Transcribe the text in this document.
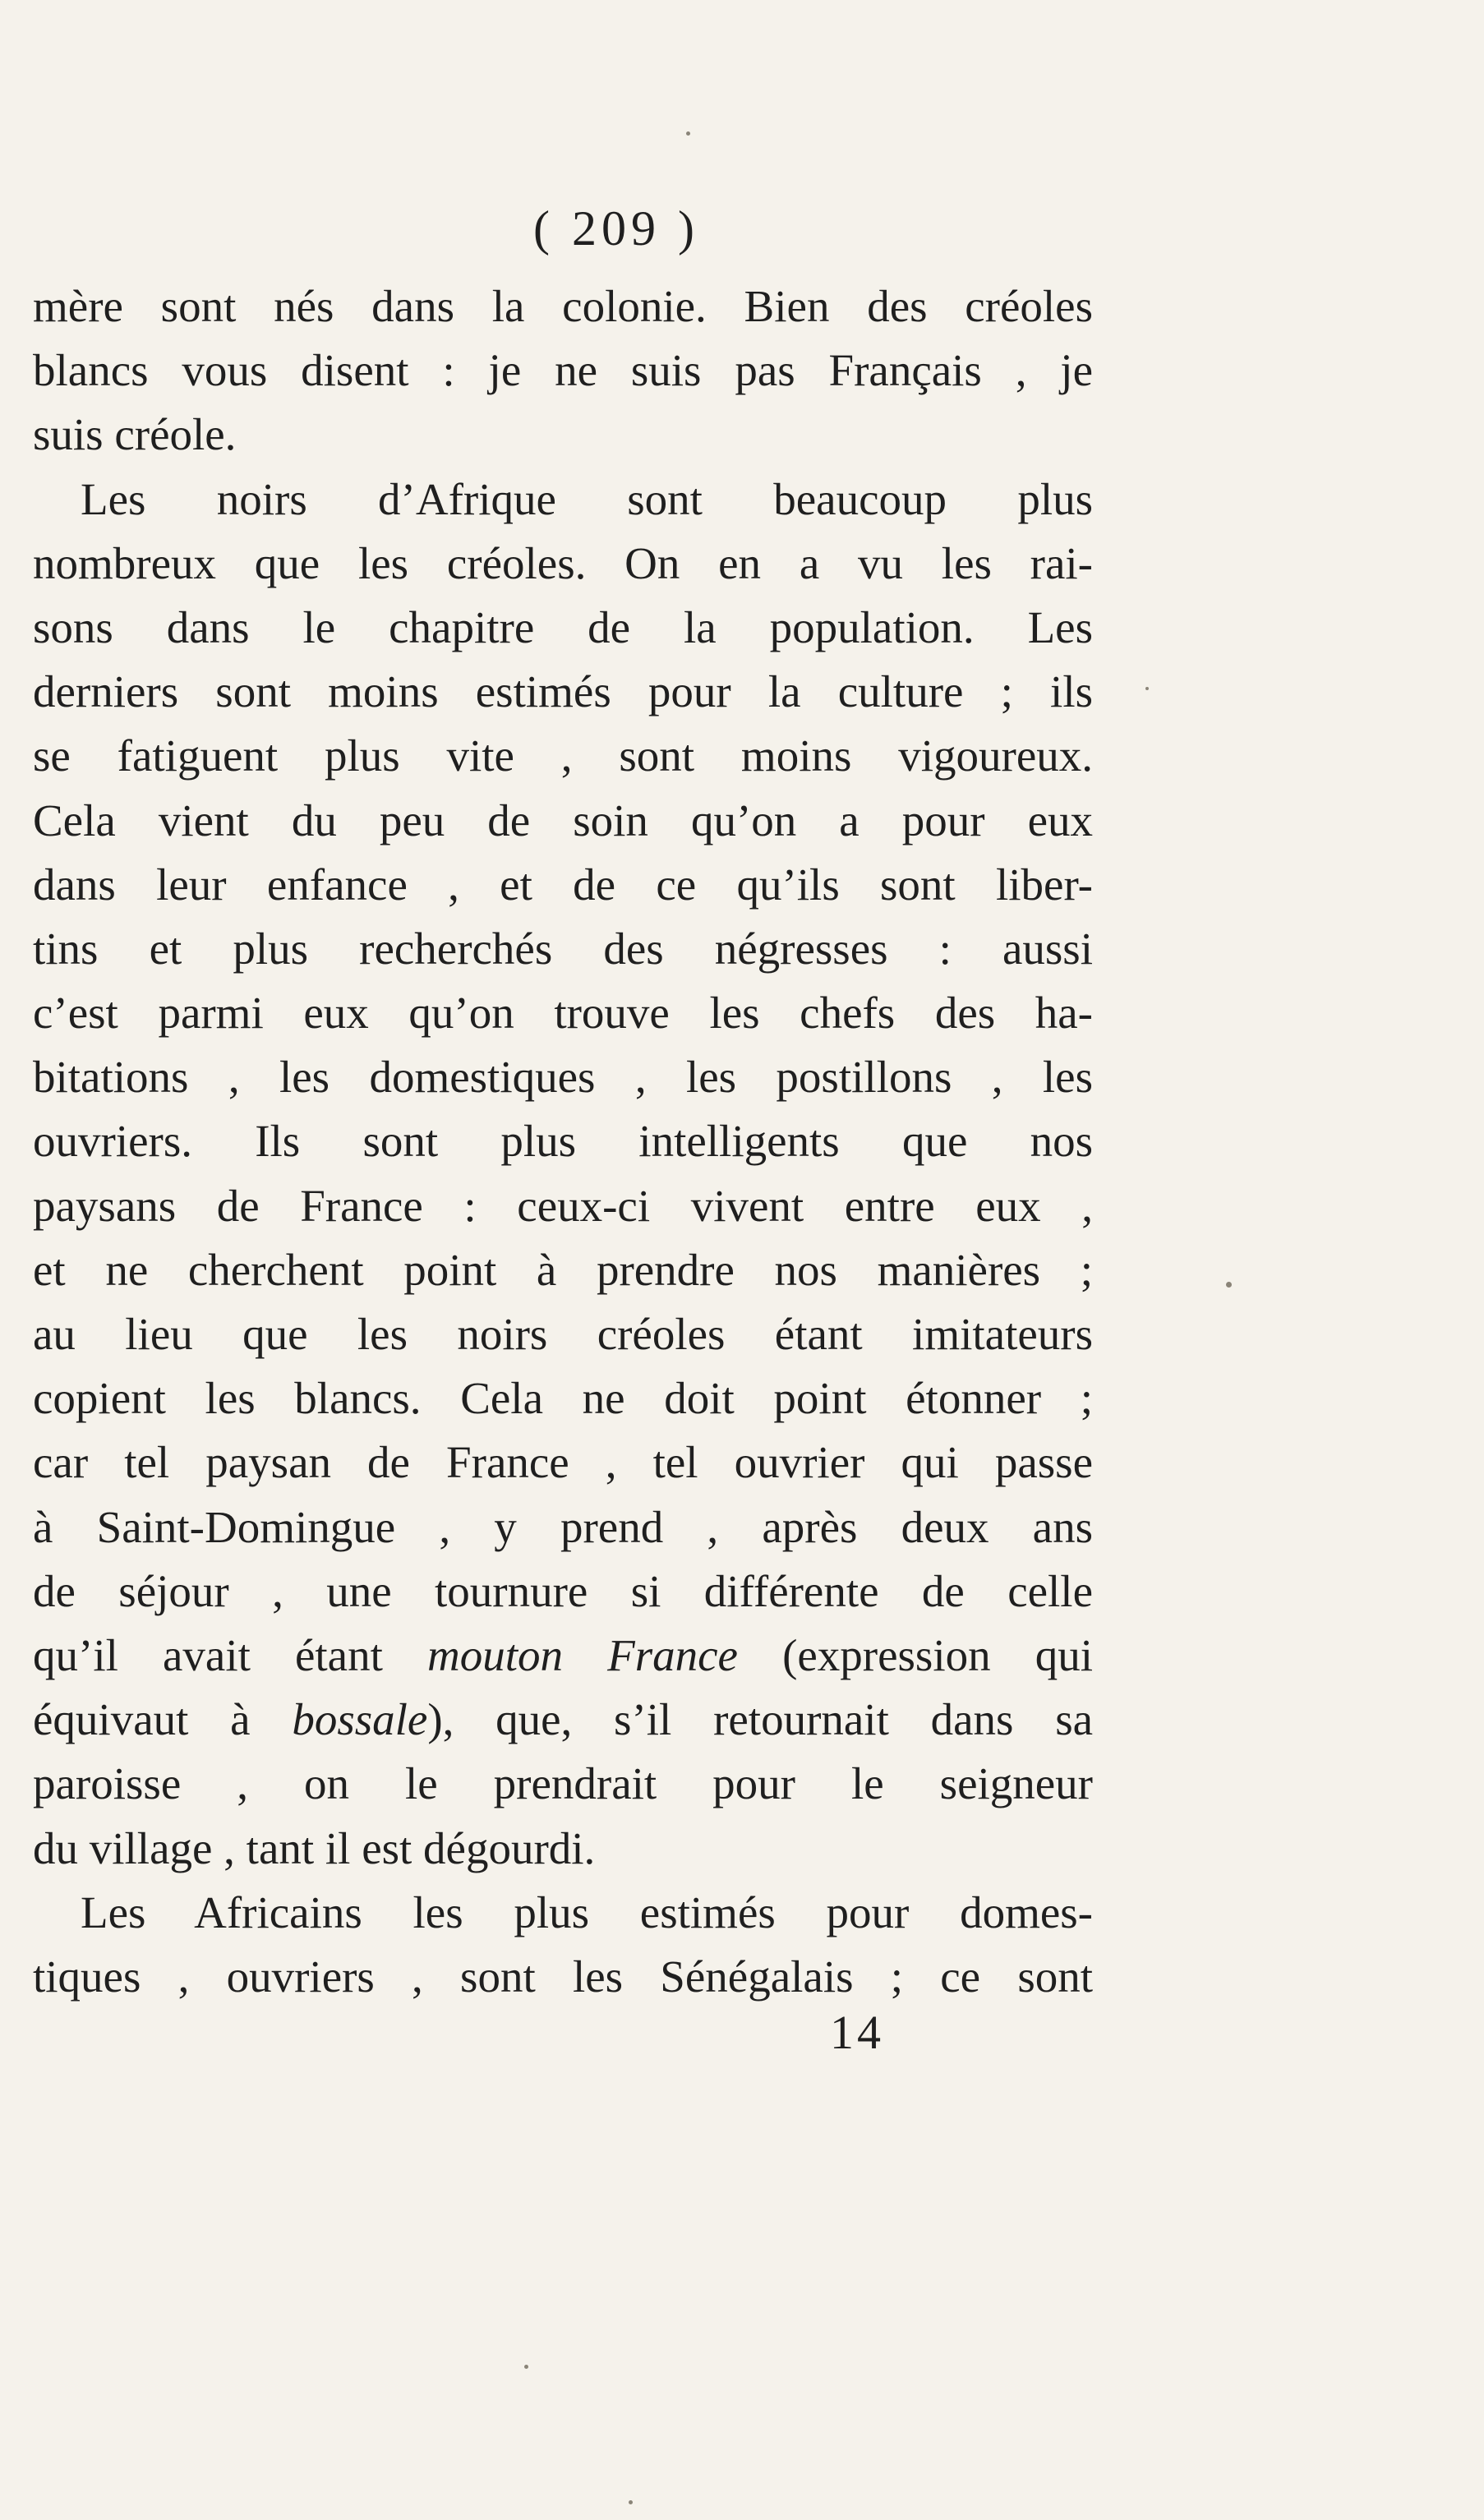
( 209 )
mère sont nés dans la colonie. Bien des créoles
blancs vous disent : je ne suis pas Français , je
suis créole.
Les noirs d’Afrique sont beaucoup plus
nombreux que les créoles. On en a vu les rai-
sons dans le chapitre de la population. Les
derniers sont moins estimés pour la culture ; ils
se fatiguent plus vite , sont moins vigoureux.
Cela vient du peu de soin qu’on a pour eux
dans leur enfance , et de ce qu’ils sont liber-
tins et plus recherchés des négresses : aussi
c’est parmi eux qu’on trouve les chefs des ha-
bitations , les domestiques , les postillons , les
ouvriers. Ils sont plus intelligents que nos
paysans de France : ceux-ci vivent entre eux ,
et ne cherchent point à prendre nos manières ;
au lieu que les noirs créoles étant imitateurs
copient les blancs. Cela ne doit point étonner ;
car tel paysan de France , tel ouvrier qui passe
à Saint-Domingue , y prend , après deux ans
de séjour , une tournure si différente de celle
qu’il avait étant mouton France (expression qui
équivaut à bossale), que, s’il retournait dans sa
paroisse , on le prendrait pour le seigneur
du village , tant il est dégourdi.
Les Africains les plus estimés pour domes-
tiques , ouvriers , sont les Sénégalais ; ce sont
14
